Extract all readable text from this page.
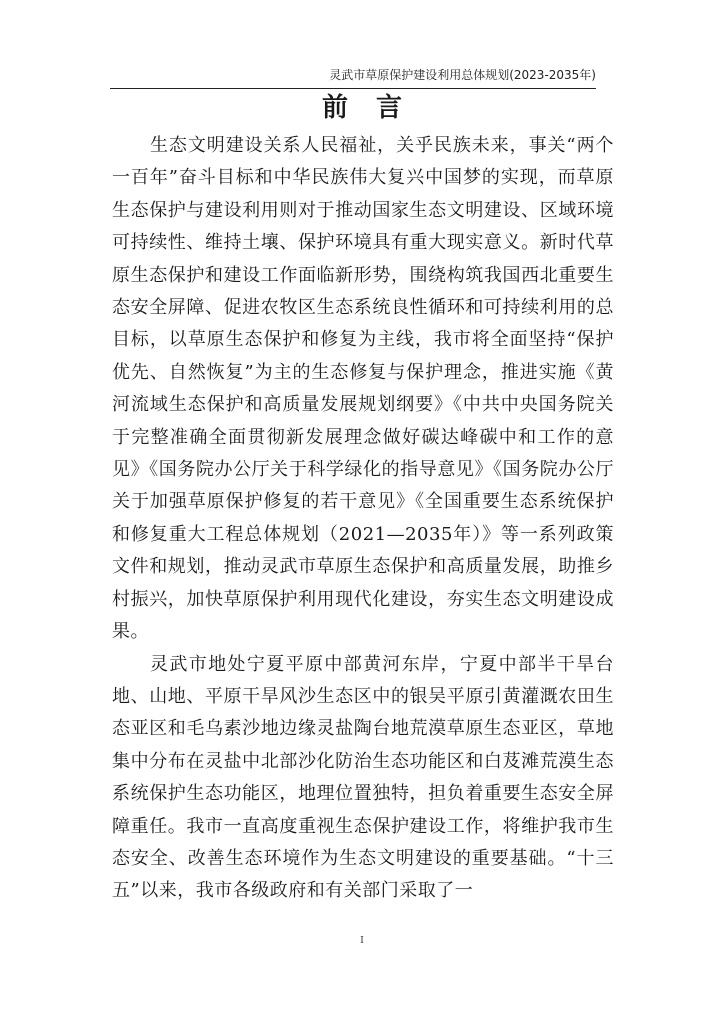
灵武市草原保护建设利用总体规划(2023-2035年)
前言

生态文明建设关系人民福祉，关乎民族未来，事关“两个一百年”奋斗目标和中华民族伟大复兴中国梦的实现，而草原生态保护与建设利用则对于推动国家生态文明建设、区域环境可持续性、维持土壤、保护环境具有重大现实意义。新时代草原生态保护和建设工作面临新形势，围绕构筑我国西北重要生态安全屏障、促进农牧区生态系统良性循环和可持续利用的总目标，以草原生态保护和修复为主线，我市将全面坚持“保护优先、自然恢复”为主的生态修复与保护理念，推进实施《黄河流域生态保护和高质量发展规划纲要》《中共中央国务院关于完整准确全面贯彻新发展理念做好碳达峰碳中和工作的意见》《国务院办公厅关于科学绿化的指导意见》《国务院办公厅关于加强草原保护修复的若干意见》《全国重要生态系统保护和修复重大工程总体规划（2021—2035年）》等一系列政策文件和规划，推动灵武市草原生态保护和高质量发展，助推乡村振兴，加快草原保护利用现代化建设，夯实生态文明建设成果。

灵武市地处宁夏平原中部黄河东岸，宁夏中部半干旱台地、山地、平原干旱风沙生态区中的银吴平原引黄灌溉农田生态亚区和毛乌素沙地边缘灵盐陶台地荒漠草原生态亚区，草地集中分布在灵盐中北部沙化防治生态功能区和白芨滩荒漠生态系统保护生态功能区，地理位置独特，担负着重要生态安全屏障重任。我市一直高度重视生态保护建设工作，将维护我市生态安全、改善生态环境作为生态文明建设的重要基础。“十三五”以来，我市各级政府和有关部门采取了一

I
